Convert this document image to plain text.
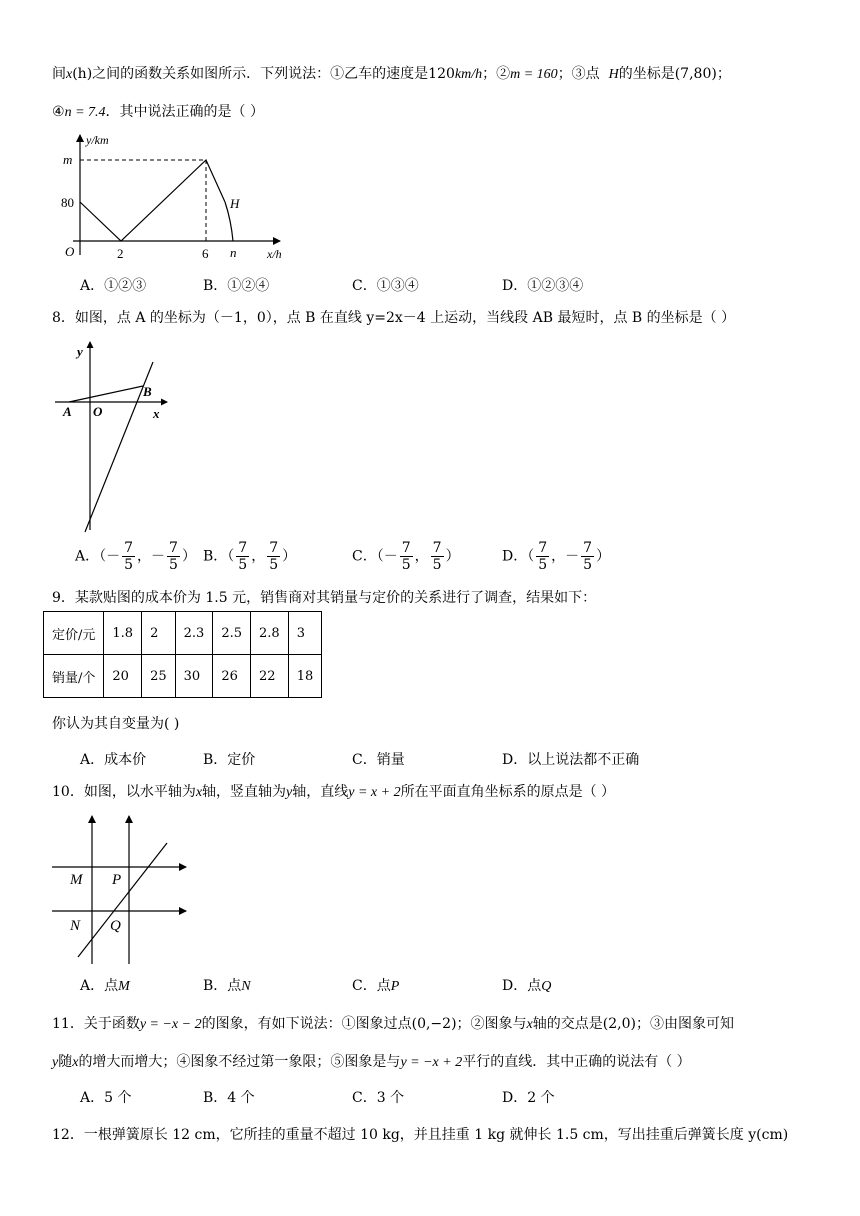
间x(h)之间的函数关系如图所示．下列说法：①乙车的速度是120km/h；②m = 160；③点 H的坐标是(7,80)；
④n = 7.4．其中说法正确的是（ ）
y/km
m
80
O	2	6 n
H
x/h
A．①②③	B．①②④	C．①③④	D．①②③④
8．如图，点 A 的坐标为（－1，0），点 B 在直线 y=2x－4 上运动，当线段 AB 最短时，点 B 的坐标是（ ）
y
x
A O
B
A．（－ $\frac{7}{5}$ ，－ $\frac{7}{5}$ ） B．（ $\frac{7}{5}$ ， $\frac{7}{5}$ ）	C．（－ $\frac{7}{5}$ ， $\frac{7}{5}$ ）	D．（ $\frac{7}{5}$ ，－ $\frac{7}{5}$ ）
9．某款贴图的成本价为 1.5 元，销售商对其销量与定价的关系进行了调查，结果如下：
定价/元	1.8	2	2.3	2.5	2.8	3
销量/个	20	25	30	26	22	18
你认为其自变量为( )
A．成本价	B．定价	C．销量	D．以上说法都不正确
10．如图，以水平轴为x轴，竖直轴为y轴，直线y = x + 2所在平面直角坐标系的原点是（ ）
M P
N Q
A．点M	B．点N	C．点P	D．点Q
11．关于函数y = −x − 2的图象，有如下说法：①图象过点(0,−2)；②图象与x轴的交点是(2,0)；③由图象可知
y随x的增大而增大；④图象不经过第一象限；⑤图象是与y = −x + 2平行的直线．其中正确的说法有（ ）
A．5 个	B．4 个	C．3 个	D．2 个
12．一根弹簧原长 12 cm，它所挂的重量不超过 10 kg，并且挂重 1 kg 就伸长 1.5 cm，写出挂重后弹簧长度 y(cm)
